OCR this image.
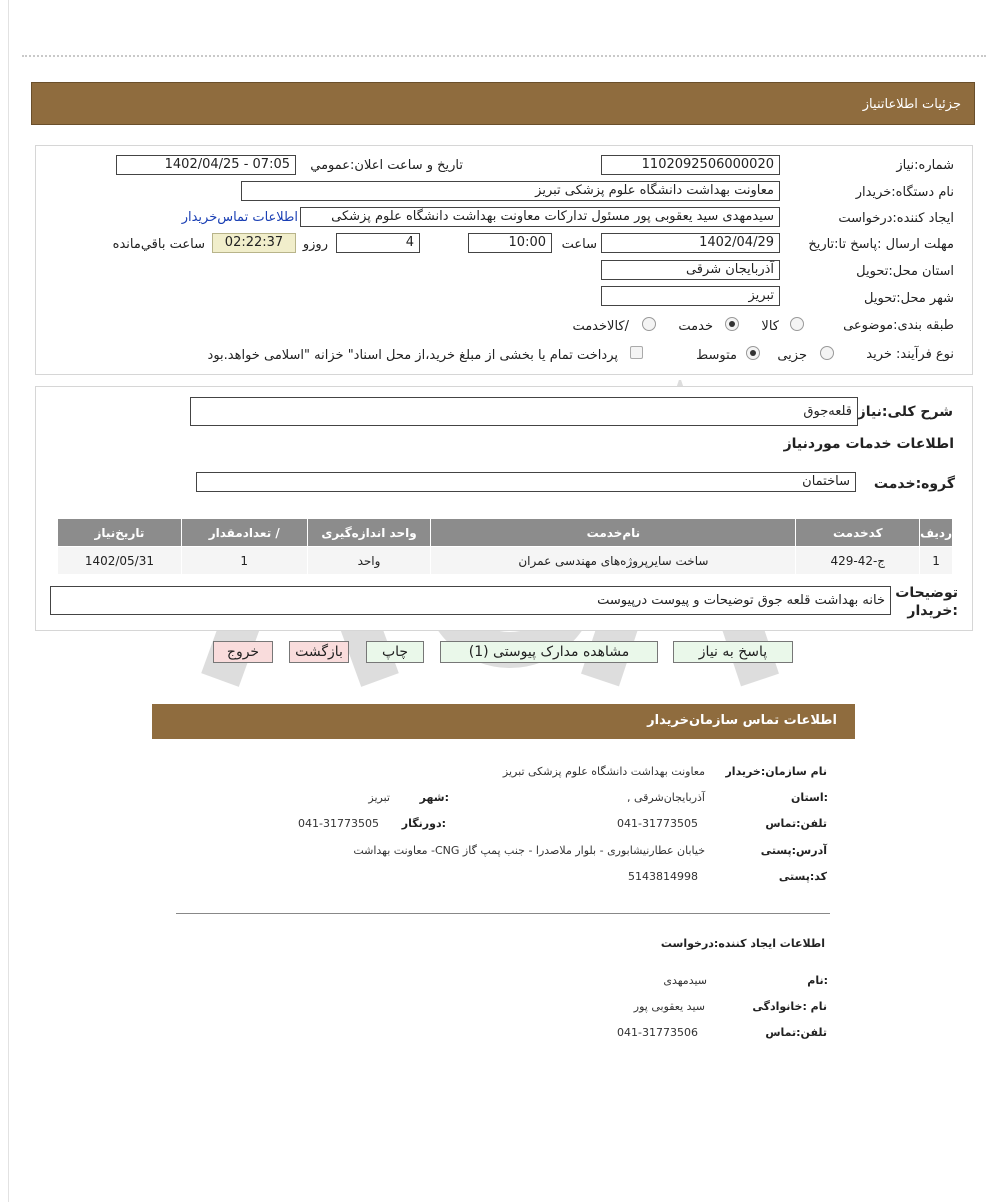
جزئیات اطلاعاتنیاز
شماره:نیاز
1102092506000020
تاریخ و ساعت اعلان:عمومي
1402/04/25 - 07:05
نام دستگاه:خریدار
معاونت بهداشت دانشگاه علوم پزشکی تبریز
ایجاد کننده:درخواست
سیدمهدی سید یعقوبی پور مسئول تدارکات معاونت بهداشت دانشگاه علوم پزشکی
اطلاعات تماس‌خریدار
مهلت ارسال :پاسخ تا:تاریخ
1402/04/29
ساعت
10:00
4
روزو
02:22:37
ساعت باقي‌مانده
استان محل:تحویل
آذربایجان شرقی
شهر محل:تحویل
تبریز
طبقه بندی:موضوعی
کالا
خدمت
/کالاخدمت
نوع فرآیند: خرید
جزیی
متوسط
پرداخت تمام یا بخشی از مبلغ خرید،از محل اسناد" خزانه "اسلامی خواهد.بود
شرح کلی:نیاز
قلعه‌جوق
اطلاعات خدمات موردنیاز
گروه:خدمت
ساختمان
ردیف	کدخدمت	نام‌خدمت	واحد اندازه‌گیری	/ تعدادمقدار	تاریخ‌نیاز
1	ج-42-429	ساخت سایرپروژه‌های مهندسی عمران	واحد	1	1402/05/31
توضیحات :خریدار
خانه بهداشت قلعه جوق توضیحات و پیوست درپیوست
پاسخ به نیاز
مشاهده مدارک پیوستی (1)
چاپ
بازگشت
خروج
اطلاعات تماس سازمان‌خریدار
نام سازمان:خریدار
معاونت بهداشت دانشگاه علوم پزشکی تبریز
:استان
آذربایجان‌شرقی ,
:شهر
تبریز
تلفن:تماس
041-31773505
:دورنگار
041-31773505
آدرس:پستی
خیابان عطارنیشابوری - بلوار ملاصدرا - جنب پمپ گاز CNG- معاونت بهداشت
کد:پستی
5143814998
اطلاعات ایجاد کننده:درخواست
:نام
سیدمهدی
نام :خانوادگی
سید یعقوبی پور
تلفن:تماس
041-31773506
